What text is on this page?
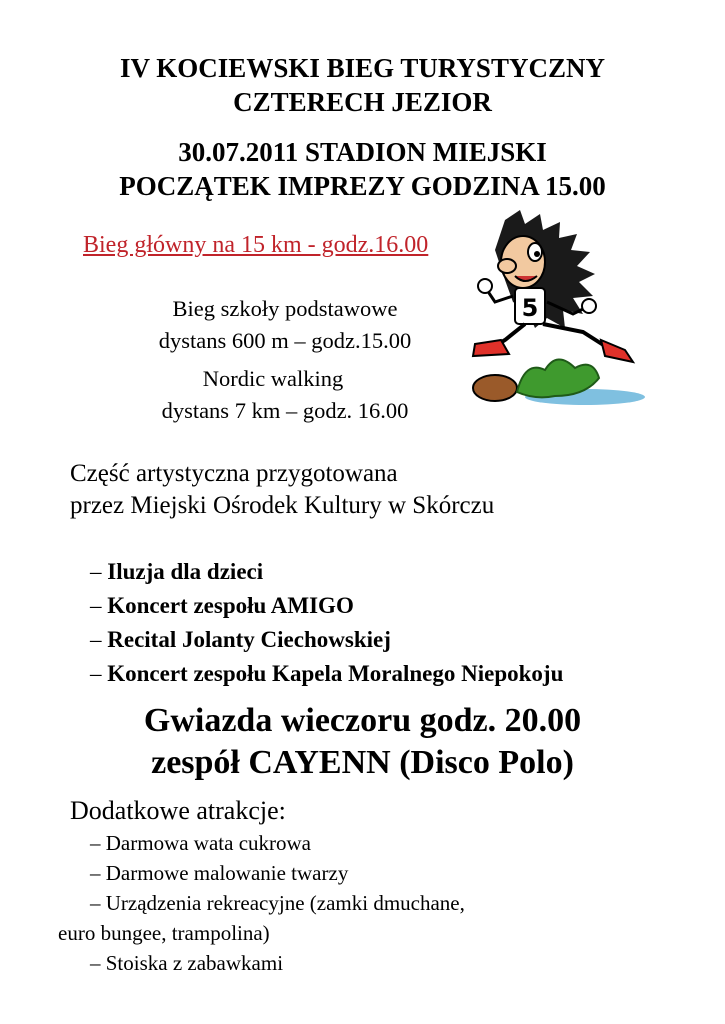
IV KOCIEWSKI BIEG TURYSTYCZNY
CZTERECH JEZIOR
30.07.2011 STADION MIEJSKI
POCZĄTEK IMPREZY GODZINA 15.00
Bieg główny na 15 km - godz.16.00
Bieg szkoły podstawowe
dystans 600 m – godz.15.00
Nordic walking
dystans 7 km – godz. 16.00
5
Część artystyczna przygotowana
przez Miejski Ośrodek Kultury w Skórczu
– Iluzja dla dzieci
– Koncert zespołu AMIGO
– Recital Jolanty Ciechowskiej
– Koncert zespołu Kapela Moralnego Niepokoju
Gwiazda wieczoru godz. 20.00
zespół CAYENN (Disco Polo)
Dodatkowe atrakcje:
– Darmowa wata cukrowa
– Darmowe malowanie twarzy
– Urządzenia rekreacyjne (zamki dmuchane,
euro bungee, trampolina)
– Stoiska z zabawkami
